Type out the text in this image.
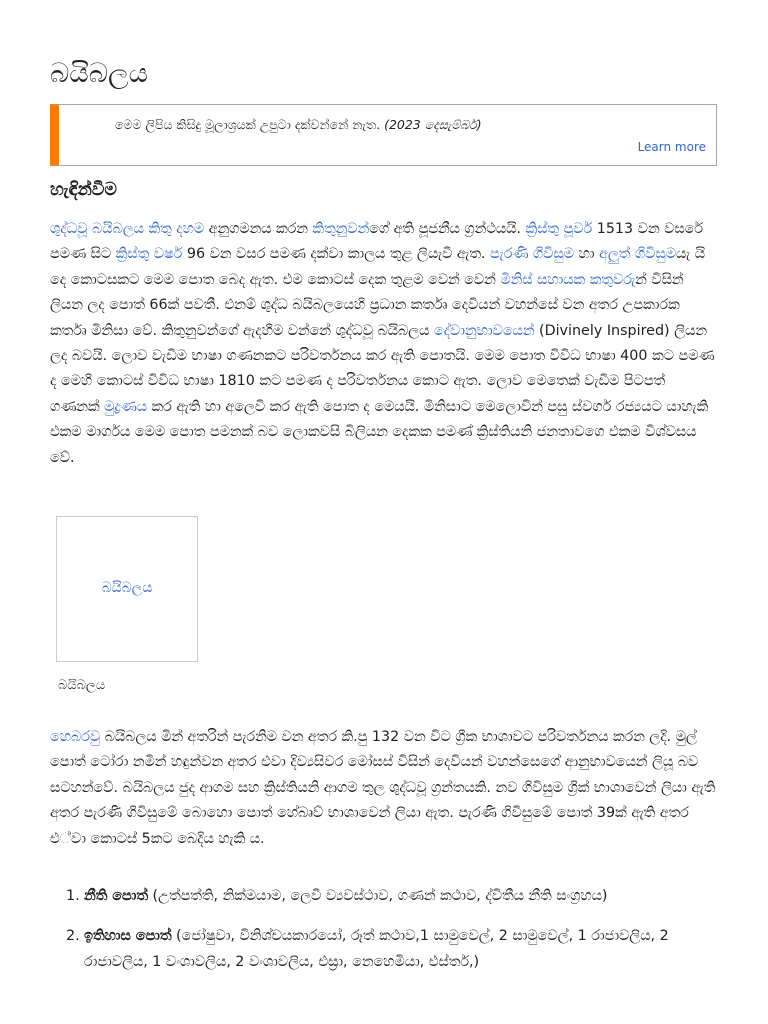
බයිබලය
මෙම ලිපිය කිසිදු මූලාශ්‍රයක් උපුටා දක්වන්නේ නැත. (2023 දෙසැම්බර්)
Learn more
හැඳින්වීම

ශුද්ධවූ බයිබලය කිතු දහම අනුගමනය කරන කිතුනුවන්ගේ අති පූජනීය ග්‍රන්ථයයි. ක්‍රිස්තු පූර්ව 1513 වන වසරේ පමණ සිට ක්‍රිස්තු වර්ෂ 96 වන වසර පමණ දක්වා කාලය තුළ ලියැවී ඇත. පැරණි ගිවිසුම හා අලුත් ගිවිසුමයැ යි දෙ කොටසකට මෙම පොත බෙද ඇත. එම කොටස් දෙක තුළම වෙන් වෙන් මිනිස් සහායක කතුවරුන් විසින් ලියන ලද පොත් 66ක් පවතී. එනම් ශුද්ධ බයිබලයෙහි ප්‍රධාන කර්තෘ දෙවියන් වහන්සේ වන අතර උපකාරක කර්තෘ මිනිසා වේ. කිතුනුවන්ගේ ඇදහීම වන්නේ ශුද්ධවූ බයිබලය දේවානුභාවයෙන් (Divinely Inspired) ලියන ලද බවයි. ලොව වැඩිම භාෂා ගණනකට පරිවර්තනය කර ඇති පොතයි. මෙම පොත විවිධ භාෂා 400 කට පමණ ද මෙහි කොටස් විවිධ භාෂා 1810 කට පමණ ද පරිවර්තනය කොට ඇත. ලොව මෙතෙක් වැඩිම පිටපත් ගණනක් මුද්‍රණය කර ඇති හා අලෙවි කර ඇති පොත ද මෙයයි. මිනිසාට මෙලොවින් පසු ස්වර්ග රජ්‍යයට යාහැකි එකම මාර්ගය මෙම පොත පමනක් බව ලොකවසි බිලියන දෙකක පමණ් ක්‍රිස්තියනි ජනතාවගෙ එකම විශ්වසය වේ.

බයිබලය
බයිබලය

හෙබරවු බයිබලය මින් අතරින් පැරනිම වන අතර කි.පු 132 වන විට ග්‍රීක භාශාවට පරිවර්තනය කරන ලදි. මුල් පොත් ටෝරා නමින් හඳුන්වන අතර එවා දිව්‍යසිවර මෝසස් විසින් දෙවියන් වහන්සෙගේ ආනුභාවයෙන් ලියූ බව සටහන්වේ. බයිබලය ජුද ආගම සහ ක්‍රිස්තියනි ආගම තුල ශුද්ධවූ ග්‍රන්තයකි. නව ගිවිසුම ග්‍රික් භාශාවෙන් ලියා ඇති අතර පැරණි ගිවිසුමේ බොහො පොත් හේබ්‍රුව් භාශාවෙන් ලියා ඇත. පැරණි ගිවිසුමේ පොත් 39ක් ඇති අතර එ්වා කොටස් 5කට බෙදිය හැකි ය.

1. නීති පොත් (උත්පත්ති, නික්මයාම, ලෙවී ව්‍යවස්ථාව, ගණන් කථාව, ද්විතීය නීති සංග්‍රහය)
2. ඉතිහාස පොත් (ජෝෂුවා, විනිශ්චයකාරයෝ, රූත් කථාව,1 සාමුවෙල්, 2 සාමුවෙල්, 1 රාජාවලිය, 2 රාජාවලිය, 1 වංශාවලිය, 2 වංශාවලිය, එස්‍රා, නෙහෙමියා, එස්තර්,)
